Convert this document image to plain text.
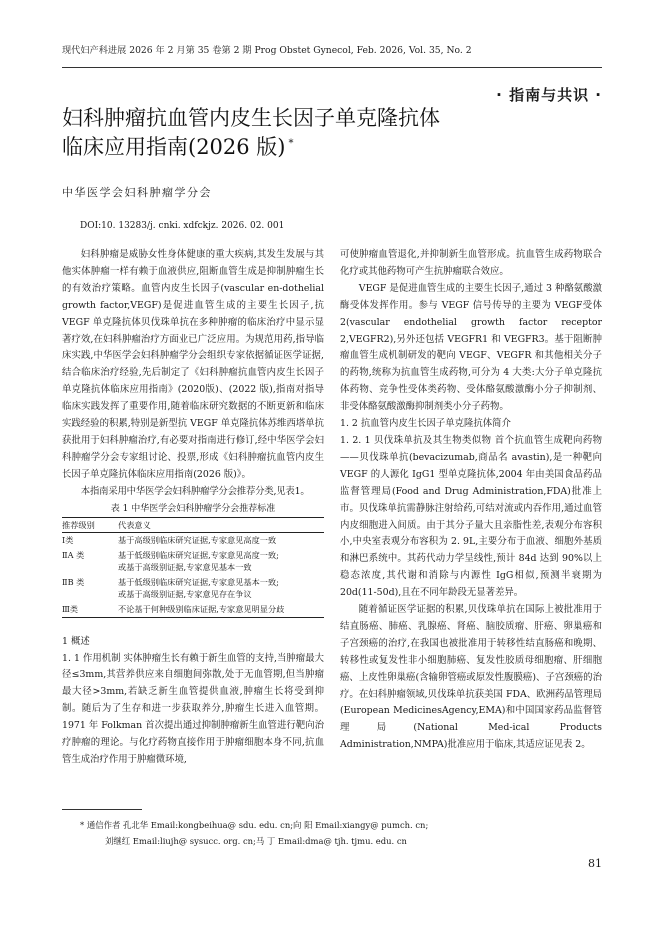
现代妇产科进展 2026 年 2 月第 35 卷第 2 期 Prog Obstet Gynecol, Feb. 2026, Vol. 35, No. 2
· 指南与共识 ·
妇科肿瘤抗血管内皮生长因子单克隆抗体
临床应用指南(2026 版) *
中华医学会妇科肿瘤学分会
DOI:10. 13283/j. cnki. xdfckjz. 2026. 02. 001

妇科肿瘤是威胁女性身体健康的重大疾病,其发生发展与其他实体肿瘤一样有赖于血液供应,阻断血管生成是抑制肿瘤生长的有效治疗策略。血管内皮生长因子(vascular en-dothelial growth factor,VEGF)是促进血管生成的主要生长因子,抗 VEGF 单克隆抗体贝伐珠单抗在多种肿瘤的临床治疗中显示显著疗效,在妇科肿瘤治疗方面业已广泛应用。为规范用药,指导临床实践,中华医学会妇科肿瘤学分会组织专家依据循证医学证据,结合临床治疗经验,先后制定了《妇科肿瘤抗血管内皮生长因子单克隆抗体临床应用指南》(2020版)、(2022 版),指南对指导临床实践发挥了重要作用,随着临床研究数据的不断更新和临床实践经验的积累,特别是新型抗 VEGF 单克隆抗体苏维西塔单抗获批用于妇科肿瘤治疗,有必要对指南进行修订,经中华医学会妇科肿瘤学分会专家组讨论、投票,形成《妇科肿瘤抗血管内皮生长因子单克隆抗体临床应用指南(2026 版)》。

本指南采用中华医学会妇科肿瘤学分会推荐分类,见表1。

表 1 中华医学会妇科肿瘤学分会推荐标准
推荐级别	代表意义
Ⅰ类	基于高级别临床研究证据,专家意见高度一致

ⅡA 类	基于低级别临床研究证据,专家意见高度一致;
或基于高级别证据,专家意见基本一致

ⅡB 类	基于低级别临床研究证据,专家意见基本一致;
或基于高级别证据,专家意见存在争议

Ⅲ类	不论基于何种级别临床证据,专家意见明显分歧

1 概述

1. 1 作用机制 实体肿瘤生长有赖于新生血管的支持,当肿瘤最大径≤3mm,其营养供应来自细胞间弥散,处于无血管期,但当肿瘤最大径>3mm,若缺乏新生血管提供血液,肿瘤生长将受到抑制。随后为了生存和进一步获取养分,肿瘤生长进入血管期。1971 年 Folkman 首次提出通过抑制肿瘤新生血管进行靶向治疗肿瘤的理论。与化疗药物直接作用于肿瘤细胞本身不同,抗血管生成治疗作用于肿瘤微环境,

可使肿瘤血管退化,并抑制新生血管形成。抗血管生成药物联合化疗或其他药物可产生抗肿瘤联合效应。

VEGF 是促进血管生成的主要生长因子,通过 3 种酪氨酸激酶受体发挥作用。参与 VEGF 信号传导的主要为 VEGF受体 2(vascular endothelial growth factor receptor 2,VEGFR2),另外还包括 VEGFR1 和 VEGFR3。基于阻断肿瘤血管生成机制研发的靶向 VEGF、VEGFR 和其他相关分子的药物,统称为抗血管生成药物,可分为 4 大类:大分子单克隆抗体药物、竞争性受体类药物、受体酪氨酸激酶小分子抑制剂、非受体酪氨酸激酶抑制剂类小分子药物。

1. 2 抗血管内皮生长因子单克隆抗体简介

1. 2. 1 贝伐珠单抗及其生物类似物 首个抗血管生成靶向药物——贝伐珠单抗(bevacizumab,商品名 avastin),是一种靶向 VEGF 的人源化 IgG1 型单克隆抗体,2004 年由美国食品药品监督管理局(Food and Drug Administration,FDA)批准上市。贝伐珠单抗需静脉注射给药,可结对流或内吞作用,通过血管内皮细胞进入间质。由于其分子量大且亲脂性差,表观分布容积小,中央室表观分布容积为 2. 9L,主要分布于血液、细胞外基质和淋巴系统中。其药代动力学呈线性,预计 84d 达到 90%以上稳态浓度,其代谢和消除与内源性 IgG相似,预测半衰期为 20d(11-50d),且在不同年龄段无显著差异。

随着循证医学证据的积累,贝伐珠单抗在国际上被批准用于结直肠癌、肺癌、乳腺癌、肾癌、脑胶质瘤、肝癌、卵巢癌和子宫颈癌的治疗,在我国也被批准用于转移性结直肠癌和晚期、转移性或复发性非小细胞肺癌、复发性胶质母细胞瘤、肝细胞癌、上皮性卵巢癌(含输卵管癌或原发性腹膜癌)、子宫颈癌的治疗。在妇科肿瘤领域,贝伐珠单抗获美国 FDA、欧洲药品管理局(European MedicinesAgency,EMA)和中国国家药品监督管理局(National Med-ical Products Administration,NMPA)批准应用于临床,其适应证见表 2。

* 通信作者 孔北华 Email:kongbeihua@ sdu. edu. cn;向 阳 Email:xiangy@ pumch. cn;
刘继红 Email:liujh@ sysucc. org. cn;马 丁 Email:dma@ tjh. tjmu. edu. cn
81
